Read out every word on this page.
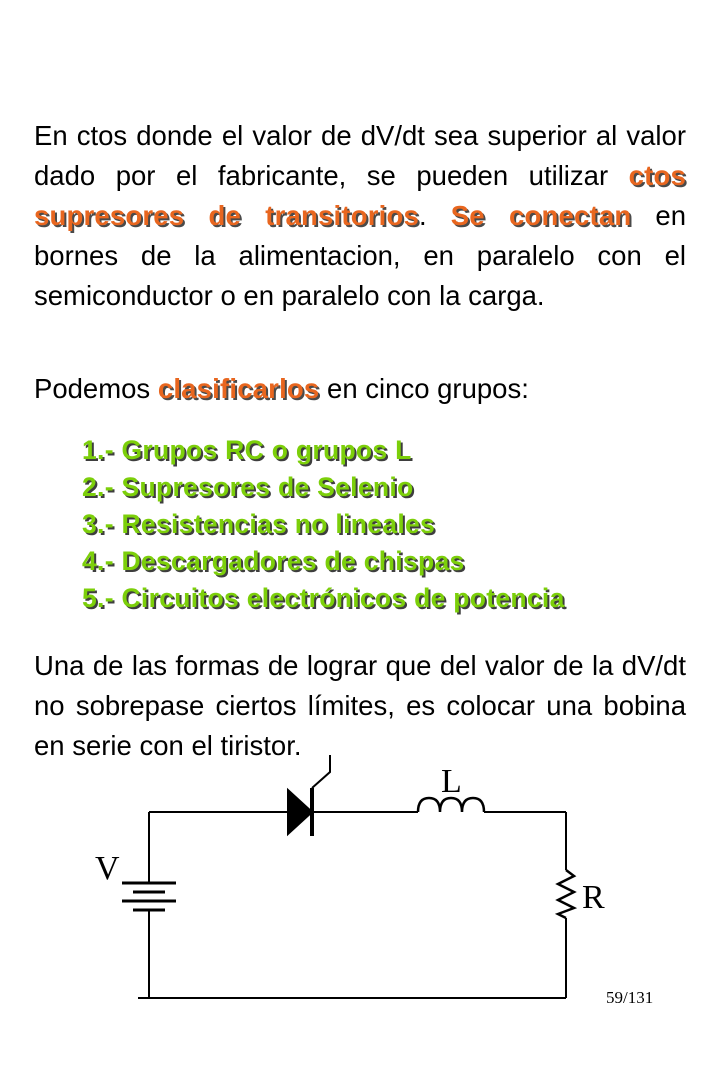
En ctos donde el valor de dV/dt sea superior al valor dado por el fabricante, se pueden utilizar ctos supresores de transitorios. Se conectan en bornes de la alimentacion, en paralelo con el semiconductor o en paralelo con la carga.

Podemos clasificarlos en cinco grupos:

1.- Grupos RC o grupos L
2.- Supresores de Selenio
3.- Resistencias no lineales
4.- Descargadores de chispas
5.- Circuitos electrónicos de potencia

Una de las formas de lograr que del valor de la dV/dt no sobrepase ciertos límites, es colocar una bobina en serie con el tiristor.

V
L
R
59/131
